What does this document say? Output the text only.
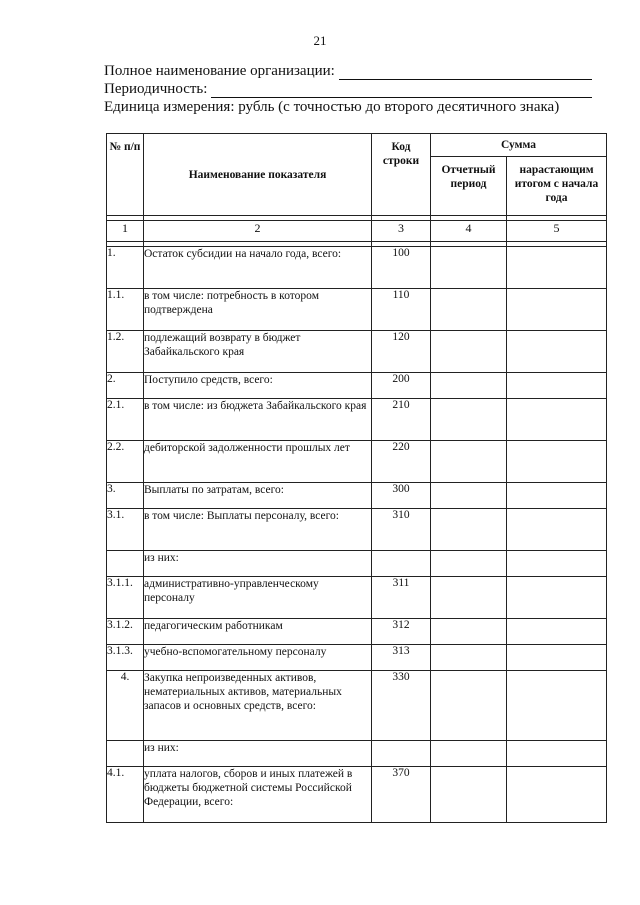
21
Полное наименование организации:
Периодичность:
Единица измерения: рубль (с точностью до второго десятичного знака)
№ п/п	Наименование показателя	Код строки	Сумма	
			Отчетный период	нарастающим итогом с начала года

1	2	3	4	5

1.	Остаток субсидии на начало года, всего:	100		
1.1.	в том числе: потребность в котором подтверждена	110		
1.2.	подлежащий возврату в бюджет Забайкальского края	120		
2.	Поступило средств, всего:	200		
2.1.	в том числе: из бюджета Забайкальского края	210		
2.2.	дебиторской задолженности прошлых лет	220		
3.	Выплаты по затратам, всего:	300		
3.1.	в том числе: Выплаты персоналу, всего:	310		
	из них:			
3.1.1.	административно-управленческому персоналу	311		
3.1.2.	педагогическим работникам	312		
3.1.3.	учебно-вспомогательному персоналу	313		
4.	Закупка непроизведенных активов, нематериальных активов, материальных запасов и основных средств, всего:	330		
	из них:			
4.1.	уплата налогов, сборов и иных платежей в бюджеты бюджетной системы Российской Федерации, всего:	370		
